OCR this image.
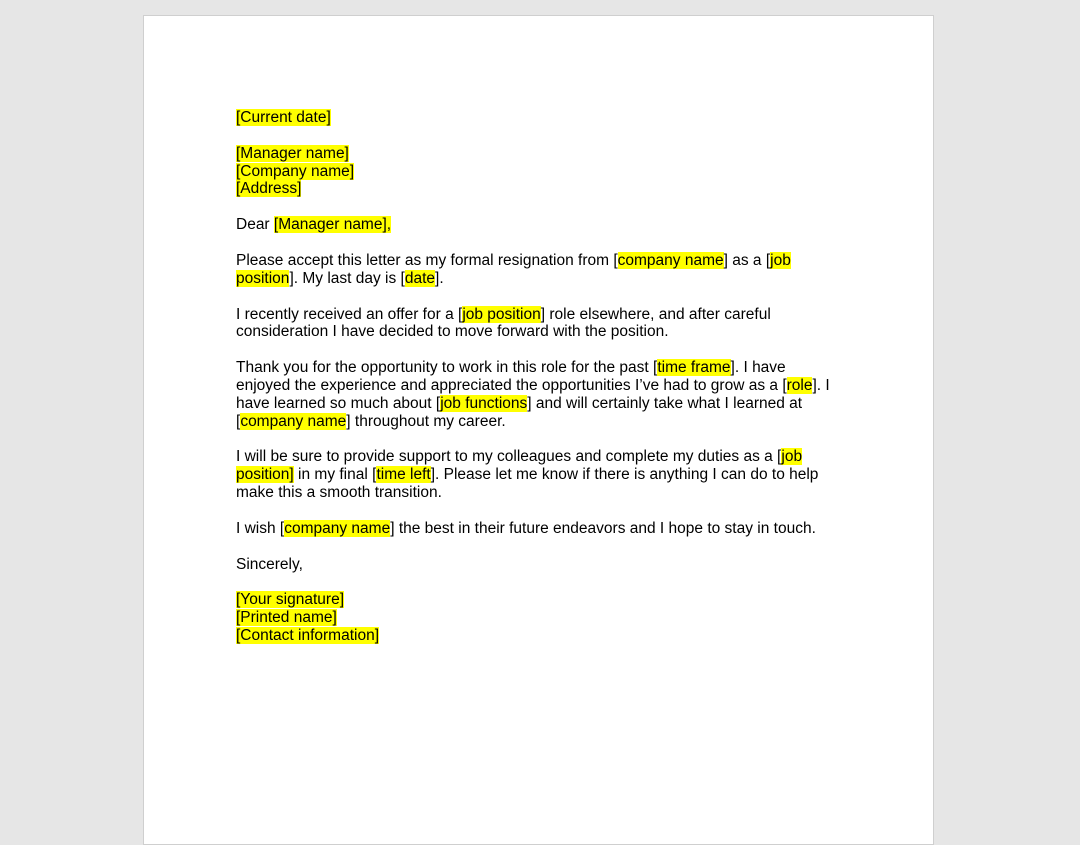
[Current date]
[Manager name]
[Company name]
[Address]
Dear [Manager name],
Please accept this letter as my formal resignation from [company name] as a [job
position]. My last day is [date].
I recently received an offer for a [job position] role elsewhere, and after careful
consideration I have decided to move forward with the position.
Thank you for the opportunity to work in this role for the past [time frame]. I have
enjoyed the experience and appreciated the opportunities I’ve had to grow as a [role]. I
have learned so much about [job functions] and will certainly take what I learned at
[company name] throughout my career.
I will be sure to provide support to my colleagues and complete my duties as a [job
position] in my final [time left]. Please let me know if there is anything I can do to help
make this a smooth transition.
I wish [company name] the best in their future endeavors and I hope to stay in touch.
Sincerely,
[Your signature]
[Printed name]
[Contact information]
